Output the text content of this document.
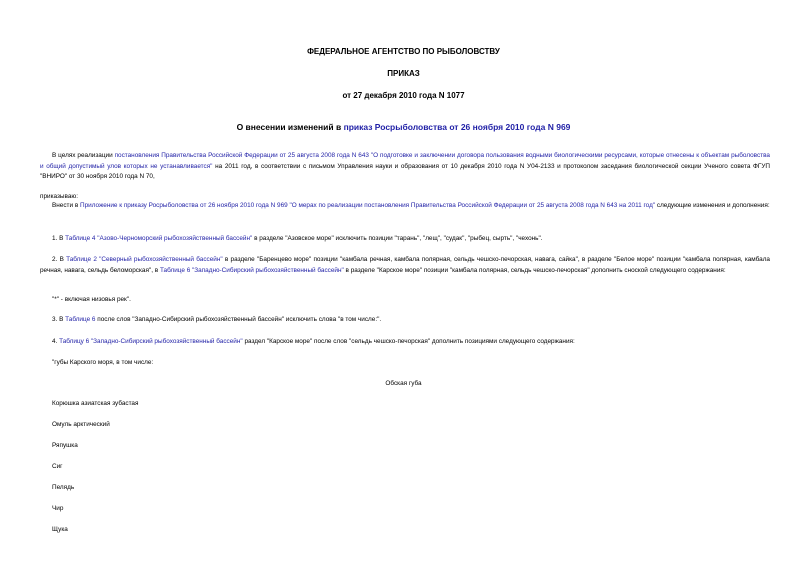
ФЕДЕРАЛЬНОЕ АГЕНТСТВО ПО РЫБОЛОВСТВУ
ПРИКАЗ
от 27 декабря 2010 года N 1077
О внесении изменений в приказ Росрыболовства от 26 ноября 2010 года N 969
В целях реализации постановления Правительства Российской Федерации от 25 августа 2008 года N 643 "О подготовке и заключении договора пользования водными биологическими ресурсами, которые отнесены к объектам рыболовства и общий допустимый улов которых не устанавливается" на 2011 год, в соответствии с письмом Управления науки и образования от 10 декабря 2010 года N У04-2133 и протоколом заседания биологической секции Ученого совета ФГУП "ВНИРО" от 30 ноября 2010 года N 70,
приказываю:
Внести в Приложение к приказу Росрыболовства от 26 ноября 2010 года N 969 "О мерах по реализации постановления Правительства Российской Федерации от 25 августа 2008 года N 643 на 2011 год" следующие изменения и дополнения:
1. В Таблице 4 "Азово-Черноморский рыбохозяйственный бассейн" в разделе "Азовское море" исключить позиции "тарань", "лещ", "судак", "рыбец, сырть", "чехонь".
2. В Таблице 2 "Северный рыбохозяйственный бассейн" в разделе "Баренцево море" позиции "камбала речная, камбала полярная, сельдь чешско-печорская, навага, сайка", в разделе "Белое море" позиции "камбала полярная, камбала речная, навага, сельдь беломорская", в Таблице 6 "Западно-Сибирский рыбохозяйственный бассейн" в разделе "Карское море" позиции "камбала полярная, сельдь чешско-печорская" дополнить сноской следующего содержания:
"*" - включая низовья рек".
3. В Таблице 6 после слов "Западно-Сибирский рыбохозяйственный бассейн" исключить слова "в том числе:".
4. Таблицу 6 "Западно-Сибирский рыбохозяйственный бассейн" раздел "Карское море" после слов "сельдь чешско-печорская" дополнить позициями следующего содержания:
"губы Карского моря, в том числе:
Обская губа
Корюшка азиатская зубастая
Омуль арктический
Ряпушка
Сиг
Пелядь
Чир
Щука
